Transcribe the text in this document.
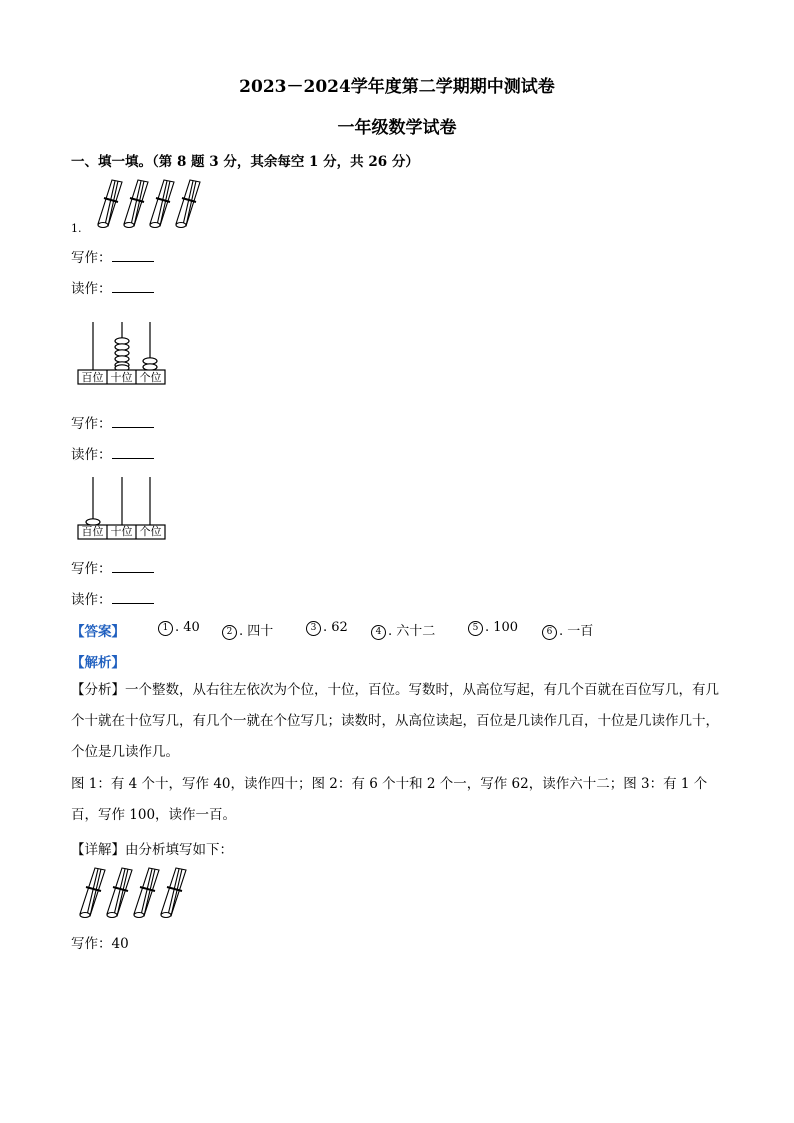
2023－2024学年度第二学期期中测试卷
一年级数学试卷
一、填一填。（第 8 题 3 分，其余每空 1 分，共 26 分）
1.
写作：
读作：
百位 十位 个位
写作：
读作：
百位 十位 个位
写作：
读作：
【答案】	1 . 40	2 . 四十	3 . 62	4 . 六十二	5 . 100	6 . 一百
【解析】
【分析】一个整数，从右往左依次为个位，十位，百位。写数时，从高位写起，有几个百就在百位写几，有几个十就在十位写几，有几个一就在个位写几；读数时，从高位读起，百位是几读作几百，十位是几读作几十，个位是几读作几。
图 1：有 4 个十，写作 40，读作四十；图 2：有 6 个十和 2 个一，写作 62，读作六十二；图 3：有 1 个百，写作 100，读作一百。
【详解】由分析填写如下：
写作：40
